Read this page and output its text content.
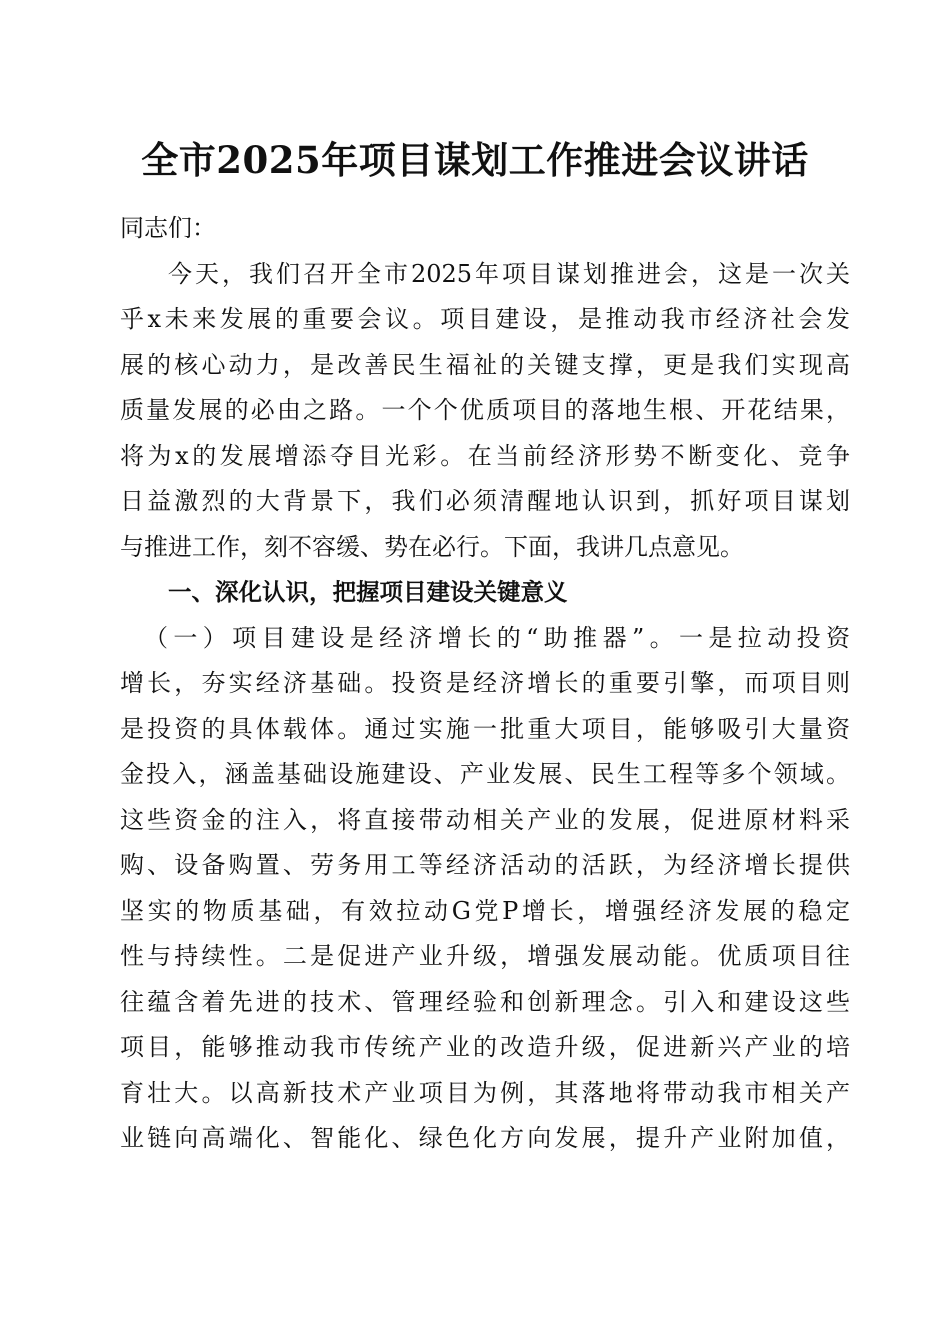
全市2025年项目谋划工作推进会议讲话
同志们：
今天，我们召开全市2025年项目谋划推进会，这是一次关
乎x未来发展的重要会议。项目建设，是推动我市经济社会发
展的核心动力，是改善民生福祉的关键支撑，更是我们实现高
质量发展的必由之路。一个个优质项目的落地生根、开花结果，
将为x的发展增添夺目光彩。在当前经济形势不断变化、竞争
日益激烈的大背景下，我们必须清醒地认识到，抓好项目谋划
与推进工作，刻不容缓、势在必行。下面，我讲几点意见。
一、深化认识，把握项目建设关键意义
（一）项目建设是经济增长的“助推器”。一是拉动投资
增长，夯实经济基础。投资是经济增长的重要引擎，而项目则
是投资的具体载体。通过实施一批重大项目，能够吸引大量资
金投入，涵盖基础设施建设、产业发展、民生工程等多个领域。
这些资金的注入，将直接带动相关产业的发展，促进原材料采
购、设备购置、劳务用工等经济活动的活跃，为经济增长提供
坚实的物质基础，有效拉动G党P增长，增强经济发展的稳定
性与持续性。二是促进产业升级，增强发展动能。优质项目往
往蕴含着先进的技术、管理经验和创新理念。引入和建设这些
项目，能够推动我市传统产业的改造升级，促进新兴产业的培
育壮大。以高新技术产业项目为例，其落地将带动我市相关产
业链向高端化、智能化、绿色化方向发展，提升产业附加值，
